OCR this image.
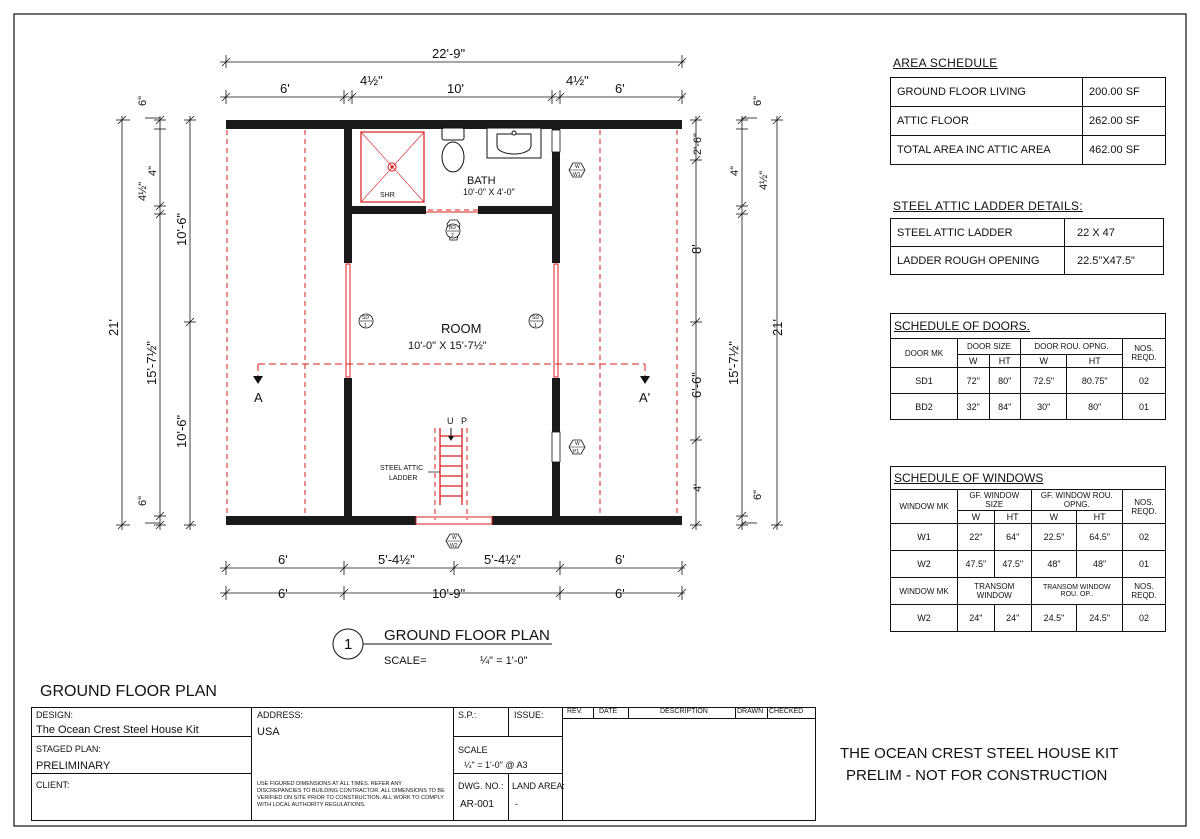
A	A'
SHR
U P
STEEL ATTIC
LADDER
BATH
10'-0" X 4'-0"
ROOM
10'-0" X 15'-7½"
BD
2
SD
1
SD
1
W
W1
W
P1
W
W2
22'-9"
6'
4½"
10'
4½"
6'
6'	5'-4½"	5'-4½"	6'
6'	10'-9"	6'
21'
6"
4½"
4"
15'-7½"
6"
10'-6"
10'-6"
2'-6"
8'
6'-6"
4'
4"
6"
4½"
15'-7½"
6"
21'
1
GROUND FLOOR PLAN
SCALE=	¼" = 1'-0"
GROUND FLOOR PLAN
THE OCEAN CREST STEEL HOUSE KIT
PRELIM - NOT FOR CONSTRUCTION
AREA SCHEDULE
GROUND FLOOR LIVING	200.00 SF
ATTIC FLOOR	262.00 SF
TOTAL AREA INC ATTIC AREA	462.00 SF
STEEL ATTIC LADDER DETAILS:
STEEL ATTIC LADDER	22 X 47
LADDER ROUGH OPENING	22.5"X47.5"
SCHEDULE OF DOORS.					
DOOR MK	DOOR SIZE		DOOR ROU. OPNG.		NOS. REQD.
	W	HT	W	HT	
SD1	72"	80"	72.5"	80.75"	02
BD2	32"	84"	30"	80"	01
SCHEDULE OF WINDOWS					
WINDOW MK	GF. WINDOW SIZE		GF. WINDOW ROU. OPNG.		NOS. REQD.
	W	HT	W	HT	
W1	22"	64"	22.5"	64.5"	02
W2	47.5"	47.5"	48"	48"	01
WINDOW MK	TRANSOM WINDOW		TRANSOM WINDOW ROU. OP..		NOS. REQD.
W2	24"	24"	24.5"	24.5"	02
DESIGN:
The Ocean Crest Steel House Kit
STAGED PLAN:
PRELIMINARY
CLIENT:
ADDRESS:
USA
USE FIGURED DIMENSIONS AT ALL TIMES. REFER ANY DISCREPANCIES TO BUILDING CONTRACTOR. ALL DIMENSIONS TO BE VERIFIED ON SITE PRIOR TO CONSTRUCTION. ALL WORK TO COMPLY WITH LOCAL AUTHORITY REGULATIONS.
S.P.:	ISSUE:
SCALE
¼" = 1'-0" @ A3
DWG. NO.:
AR-001
LAND AREA:
-
REV. DATE	DESCRIPTION	DRAWN CHECKED
